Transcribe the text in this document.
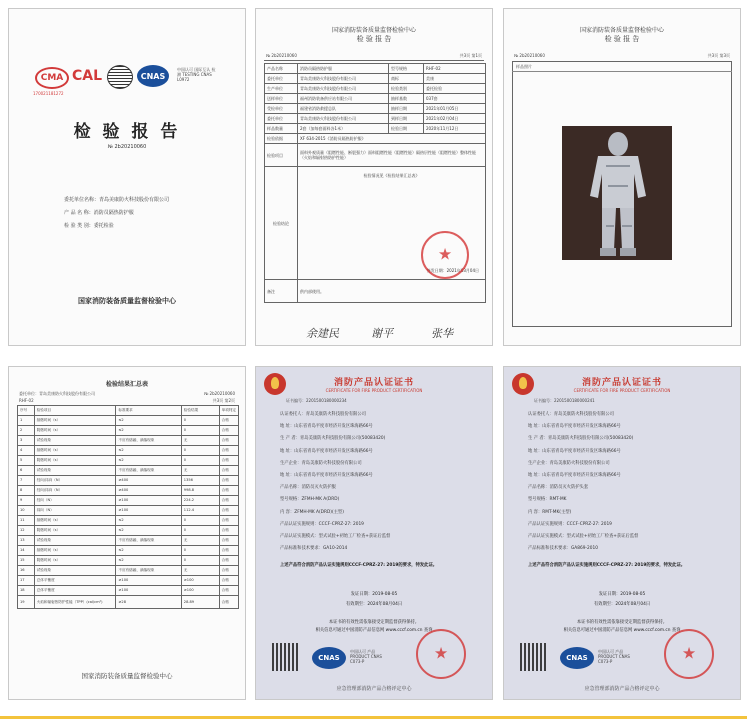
CMA CAL	CNAS
中国认可 国际互认 检测 TESTING CNAS L0972
170021181272
检 验 报 告
№ 2b20210060
委托单位名称：青岛美康防火科技股份有限公司
产 品 名 称：消防员隔热防护服
检 验 类 别：委托检验
国家消防装备质量监督检验中心
国家消防装备质量监督检验中心
检 验 报 告
№ 2b20210060	共3页 第1页
产品名称	消防员隔热防护服	型号规格	RHF-02
委托单位	青岛美康防火科技股份有限公司	商标	美康
生产单位	青岛美康防火科技股份有限公司	检验类别	委托检验
送样单位	福州消防装备供应站有限公司	抽样基数	037套
受检单位	福建省消防救援总队	抽样日期	2021年01月05日
委托单位	青岛美康防火科技股份有限公司	到样日期	2021年02月04日
样品数量	2套（加每套面料各1米）	检验日期	2020年11月12日
检验依据	XF 634-2015《消防员隔热防护服》		
检验项目	面料外观质量（阻燃性能、断裂强力）面料阻燃性能（阻燃性能）隔热层性能（阻燃性能）整体性能（火焰和辐射热防护性能）		
检验结论	检验情况见《检验结果汇总表》
签发日期：2021年03月04日		

备注	供内部使用。		
★
余建民	谢平	张华
国家消防装备质量监督检验中心
检 验 报 告
№ 2b20210060	共3页 第3页
样品照片
检验结果汇总表
委托单位：青岛美康防火科技股份有限公司	№ 2b20210060
RHF-02	共3页 第2页
序号	检验项目	标准要求	检验结果	单项判定
1	续燃时间（s）	≤2	0	合格
2	阴燃时间（s）	≤2	0	合格
3	试验现象	不应有熔融、滴落现象	无	合格
4	续燃时间（s）	≤2	0	合格
5	阴燃时间（s）	≤2	0	合格
6	试验现象	不应有熔融、滴落现象	无	合格
7	经向/纬向（N）	≥400	1356	合格
8	经向/纬向（N）	≥400	998.8	合格
9	经向（N）	≥100	224.2	合格
10	纬向（N）	≥100	112.4	合格
11	续燃时间（s）	≤2	0	合格
12	阴燃时间（s）	≤2	0	合格
13	试验现象	不应有熔融、滴落现象	无	合格
14	续燃时间（s）	≤2	0	合格
15	阴燃时间（s）	≤2	0	合格
16	试验现象	不应有熔融、滴落现象	无	合格
17	总体平衡度	≥100	≥100	合格
18	总体平衡度	≥100	≥100	合格
19	火焰和辐射热防护性能（TPP）(cal/cm²)	≥28	28.89	合格
国家消防装备质量监督检验中心
消防产品认证证书
CERTIFICATE FOR FIRE PRODUCT CERTIFICATION
证书编号：2201500180000234
认证委托人：青岛美康防火科技股份有限公司
地 址：山东省青岛平度市经济开发区珠海路66号
生 产 者：青岛美康防火科技股份有限公司(50083420)
地 址：山东省青岛平度市经济开发区珠海路66号
生产企业：青岛美康防火科技股份有限公司
地 址：山东省青岛平度市经济开发区珠海路66号
产品名称：消防员灭火防护服
型号规格：ZFMH-MK A(DRD)
内 容：ZFMH-MK A(DRD)(主型)
产品认证实施规则：CCCF-CPRZ-27: 2019
产品认证实施模式：型式试验+初始工厂检查+获证后监督
产品标准和技术要求：GA10-2014
上述产品符合消防产品认证实施规则CCCF-CPRZ-27: 2019的要求，特发此证。
发证日期：2019-08-05
有效期至：2024年08月04日
本证书的有效性需依靠接受定期监督获得保持。
相关信息可通过中国消防产品信息网 www.cccf.com.cn 查询
CNAS
中国认可 产品 PRODUCT CNAS C073-P	★
应急管理部消防产品合格评定中心
消防产品认证证书
CERTIFICATE FOR FIRE PRODUCT CERTIFICATION
证书编号：2201500180000241
认证委托人：青岛美康防火科技股份有限公司
地 址：山东省青岛平度市经济开发区珠海路66号
生 产 者：青岛美康防火科技股份有限公司(50083420)
地 址：山东省青岛平度市经济开发区珠海路66号
生产企业：青岛美康防火科技股份有限公司
地 址：山东省青岛平度市经济开发区珠海路66号
产品名称：消防员灭火防护头套
型号规格：RMT-MK
内 容：RMT-MK(主型)
产品认证实施规则：CCCF-CPRZ-27: 2019
产品认证实施模式：型式试验+初始工厂检查+获证后监督
产品标准和技术要求：GA869-2010
上述产品符合消防产品认证实施规则CCCF-CPRZ-27: 2019的要求，特发此证。
发证日期：2019-08-05
有效期至：2024年08月04日
本证书的有效性需依靠接受定期监督获得保持。
相关信息可通过中国消防产品信息网 www.cccf.com.cn 查询
CNAS
中国认可 产品 PRODUCT CNAS C073-P	★
应急管理部消防产品合格评定中心
